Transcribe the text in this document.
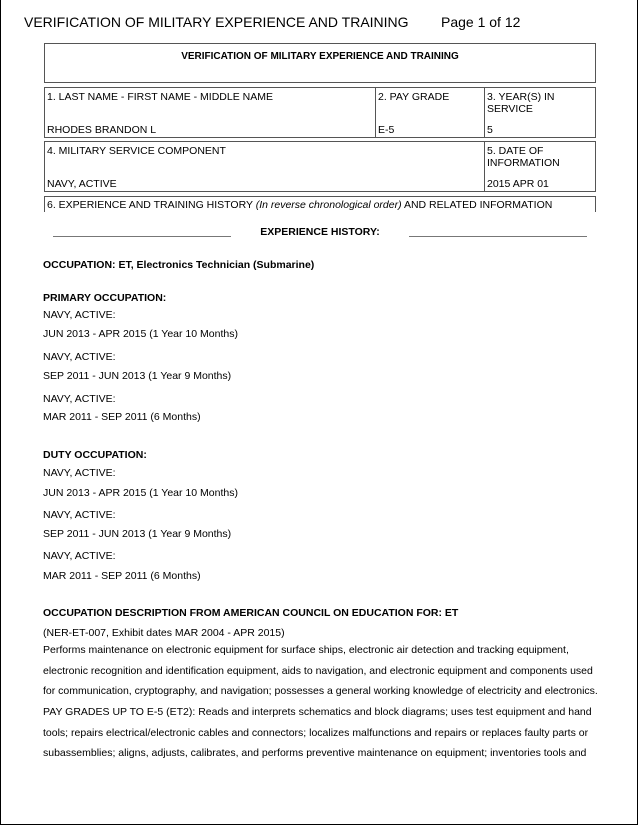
VERIFICATION OF MILITARY EXPERIENCE AND TRAINING Page 1 of 12
VERIFICATION OF MILITARY EXPERIENCE AND TRAINING
1. LAST NAME - FIRST NAME - MIDDLE NAME
RHODES BRANDON L
2. PAY GRADE
E-5
3. YEAR(S) IN SERVICE
5
4. MILITARY SERVICE COMPONENT
NAVY, ACTIVE
5. DATE OF INFORMATION
2015 APR 01
6. EXPERIENCE AND TRAINING HISTORY (In reverse chronological order) AND RELATED INFORMATION
EXPERIENCE HISTORY:
OCCUPATION: ET, Electronics Technician (Submarine)
PRIMARY OCCUPATION:
NAVY, ACTIVE:
JUN 2013 - APR 2015 (1 Year 10 Months)
NAVY, ACTIVE:
SEP 2011 - JUN 2013 (1 Year 9 Months)
NAVY, ACTIVE:
MAR 2011 - SEP 2011 (6 Months)
DUTY OCCUPATION:
NAVY, ACTIVE:
JUN 2013 - APR 2015 (1 Year 10 Months)
NAVY, ACTIVE:
SEP 2011 - JUN 2013 (1 Year 9 Months)
NAVY, ACTIVE:
MAR 2011 - SEP 2011 (6 Months)
OCCUPATION DESCRIPTION FROM AMERICAN COUNCIL ON EDUCATION FOR: ET
(NER-ET-007, Exhibit dates MAR 2004 - APR 2015)
Performs maintenance on electronic equipment for surface ships, electronic air detection and tracking equipment, electronic recognition and identification equipment, aids to navigation, and electronic equipment and components used for communication, cryptography, and navigation; possesses a general working knowledge of electricity and electronics.
PAY GRADES UP TO E-5 (ET2): Reads and interprets schematics and block diagrams; uses test equipment and hand tools; repairs electrical/electronic cables and connectors; localizes malfunctions and repairs or replaces faulty parts or subassemblies; aligns, adjusts, calibrates, and performs preventive maintenance on equipment; inventories tools and
